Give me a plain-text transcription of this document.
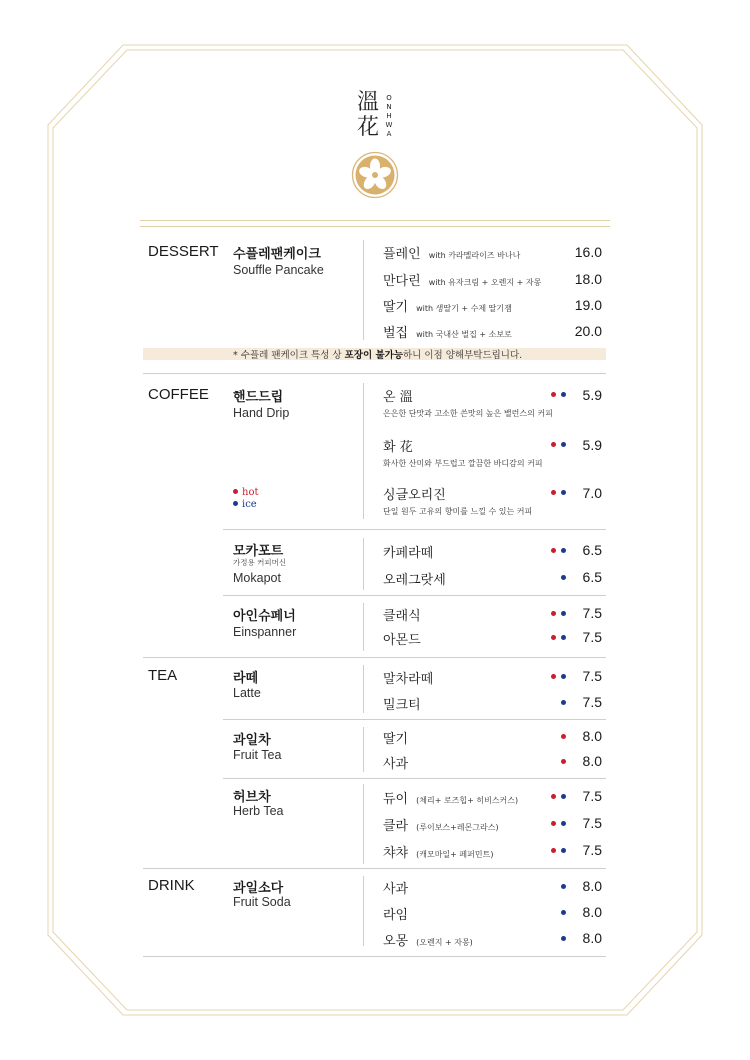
溫
花
O
N
H
W
A
DESSERT 수플레팬케이크
Souffle Pancake
플레인 with 카라멜라이즈 바나나	16.0
만다린 with 유자크림 + 오렌지 + 자몽	18.0
딸기 with 생딸기 + 수제 딸기잼	19.0
벌집 with 국내산 벌집 + 소보로	20.0
* 수플레 팬케이크 특성 상 포장이 불가능하니 이점 양해부탁드립니다.
COFFEE 핸드드립
Hand Drip
온 溫	5.9
은은한 단맛과 고소한 쓴맛의 높은 밸런스의 커피
화 花	5.9
화사한 산미와 부드럽고 깔끔한 바디감의 커피
싱글오리진	7.0
단일 원두 고유의 향미를 느낄 수 있는 커피
hot
ice
모카포트
가정용 커피머신
Mokapot
카페라떼	6.5
오레그랏세	6.5
아인슈페너
Einspanner
클래식	7.5
아몬드	7.5
TEA	라떼
Latte
말차라떼	7.5
밀크티	7.5
과일차
Fruit Tea
딸기	8.0
사과	8.0
허브차
Herb Tea
듀이 (체리+ 로즈힙+ 히비스커스)	7.5
클라 (루이보스+레몬그라스)	7.5
챠챠 (캐모마일+ 페퍼민트)	7.5
DRINK	과일소다
Fruit Soda
사과	8.0
라임	8.0
오몽 (오렌지 + 자몽)	8.0
